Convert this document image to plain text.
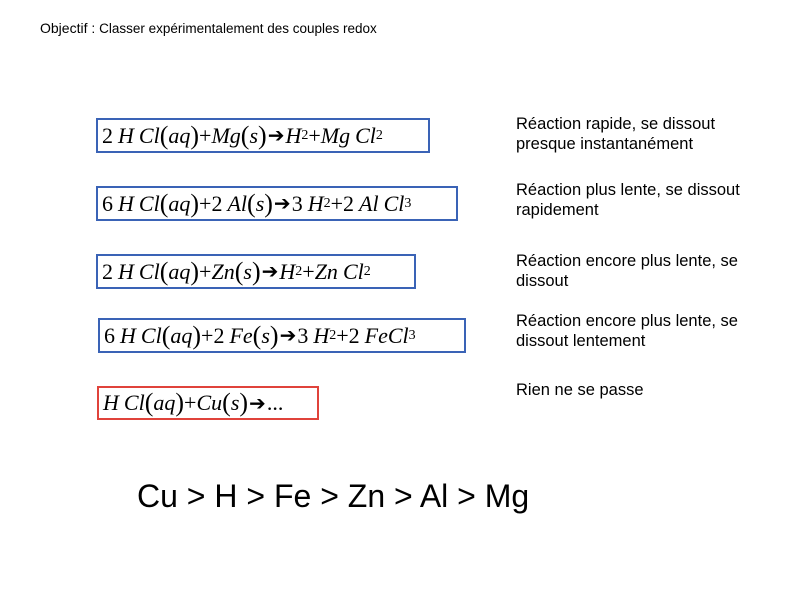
Objectif : Classer expérimentalement des couples redox
2 H Cl ( aq ) + Mg ( s ) ➔ H 2 + Mg Cl 2
Réaction rapide, se dissout presque instantanément
6 H Cl ( aq ) + 2 Al ( s ) ➔ 3 H 2 + 2 Al Cl 3
Réaction plus lente, se dissout rapidement
2 H Cl ( aq ) + Zn ( s ) ➔ H 2 + Zn Cl 2
Réaction encore plus lente, se dissout
6 H Cl ( aq ) + 2 Fe ( s ) ➔ 3 H 2 + 2 Fe Cl 3
Réaction encore plus lente, se dissout lentement
H Cl ( aq ) + Cu ( s ) ➔ ...	Rien ne se passe
Cu > H > Fe > Zn > Al > Mg
